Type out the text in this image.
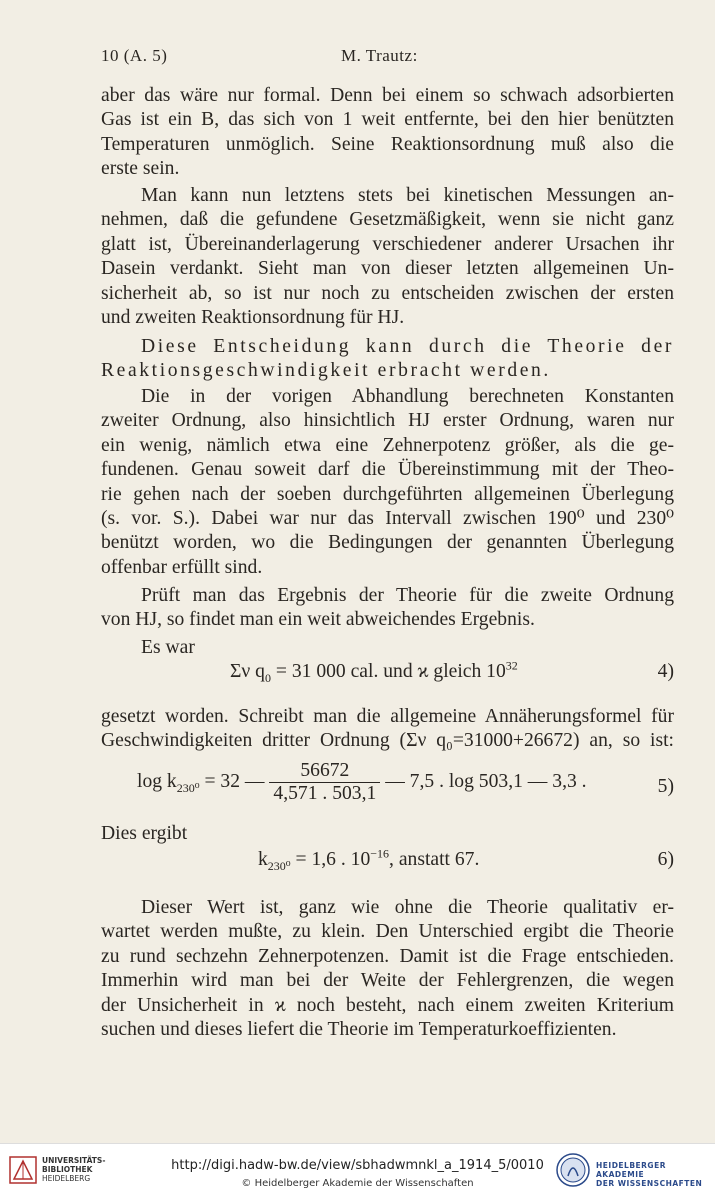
10 (A. 5)	M. Trautz:

aber das wäre nur formal. Denn bei einem so schwach adsorbierten
Gas ist ein B, das sich von 1 weit entfernte, bei den hier benützten
Temperaturen unmöglich. Seine Reaktionsordnung muß also die
erste sein.

Man kann nun letztens stets bei kinetischen Messungen an-
nehmen, daß die gefundene Gesetzmäßigkeit, wenn sie nicht ganz
glatt ist, Übereinanderlagerung verschiedener anderer Ursachen ihr
Dasein verdankt. Sieht man von dieser letzten allgemeinen Un-
sicherheit ab, so ist nur noch zu entscheiden zwischen der ersten
und zweiten Reaktionsordnung für HJ.

Diese Entscheidung kann durch die Theorie der
Reaktionsgeschwindigkeit erbracht werden.

Die in der vorigen Abhandlung berechneten Konstanten
zweiter Ordnung, also hinsichtlich HJ erster Ordnung, waren nur
ein wenig, nämlich etwa eine Zehnerpotenz größer, als die ge-
fundenen. Genau soweit darf die Übereinstimmung mit der Theo-
rie gehen nach der soeben durchgeführten allgemeinen Überlegung
(s. vor. S.). Dabei war nur das Intervall zwischen 190⁰ und 230⁰
benützt worden, wo die Bedingungen der genannten Überlegung
offenbar erfüllt sind.

Prüft man das Ergebnis der Theorie für die zweite Ordnung
von HJ, so findet man ein weit abweichendes Ergebnis.

Es war

Σν $q_0 = 31$ 000 cal. und ϰ gleich $10^{32}$	4)

gesetzt worden. Schreibt man die allgemeine Annäherungsformel für
Geschwindigkeiten dritter Ordnung (Σν q₀=31000+26672) an, so ist:

$\log k_{230^0} = 32$ — $\frac{56672}{4,571 . 503,1}$ — 7,5 . log 503,1 — 3,3 .	5)

Dies ergibt

$k_{230^0} = 1,6$ . $10^{-16}$, anstatt 67.	6)

Dieser Wert ist, ganz wie ohne die Theorie qualitativ er-
wartet werden mußte, zu klein. Den Unterschied ergibt die Theorie
zu rund sechzehn Zehnerpotenzen. Damit ist die Frage entschieden.
Immerhin wird man bei der Weite der Fehlergrenzen, die wegen
der Unsicherheit in ϰ noch besteht, nach einem zweiten Kriterium
suchen und dieses liefert die Theorie im Temperaturkoeffizienten.

UNIVERSITÄTS-
BIBLIOTHEK
HEIDELBERG
http://digi.hadw-bw.de/view/sbhadwmnkl_a_1914_5/0010
© Heidelberger Akademie der Wissenschaften
HEIDELBERGER AKADEMIE
DER WISSENSCHAFTEN
